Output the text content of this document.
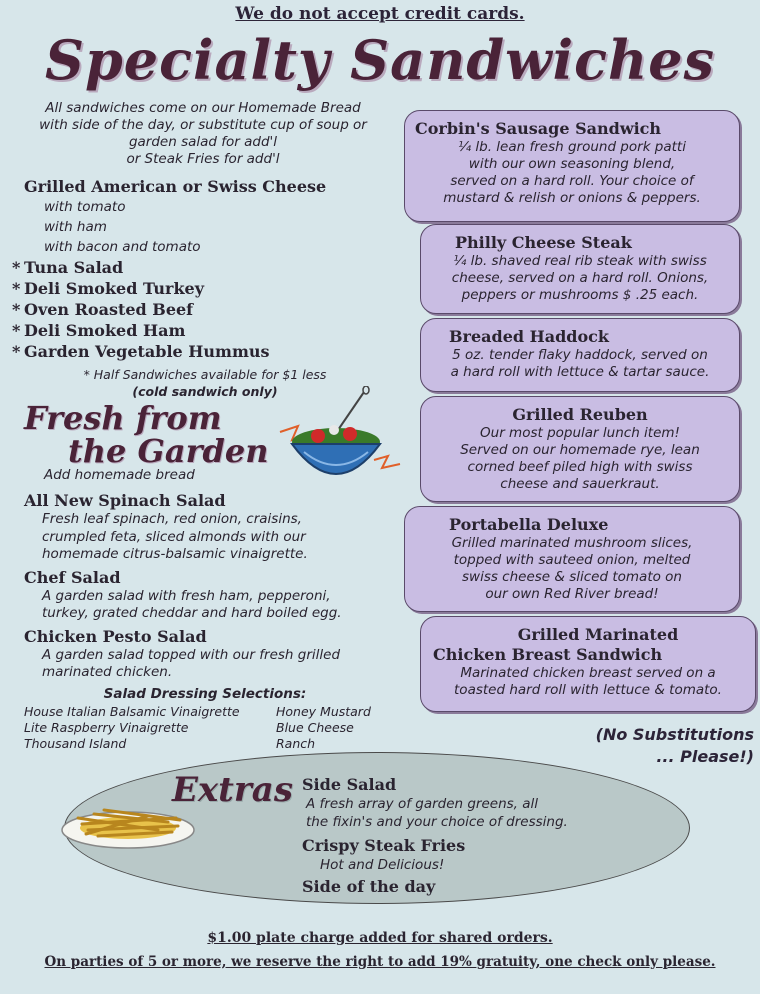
We do not accept credit cards.
Specialty Sandwiches
All sandwiches come on our Homemade Bread
with side of the day, or substitute cup of soup or
garden salad for add'l
or Steak Fries for add'l
Grilled American or Swiss Cheese
with tomato
with ham
with bacon and tomato
* Tuna Salad
* Deli Smoked Turkey
* Oven Roasted Beef
* Deli Smoked Ham
* Garden Vegetable Hummus
* Half Sandwiches available for $1 less
(cold sandwich only)
Fresh from
the Garden
Add homemade bread
All New Spinach Salad
Fresh leaf spinach, red onion, craisins,
crumpled feta, sliced almonds with our
homemade citrus-balsamic vinaigrette.
Chef Salad
A garden salad with fresh ham, pepperoni,
turkey, grated cheddar and hard boiled egg.
Chicken Pesto Salad
A garden salad topped with our fresh grilled
marinated chicken.
Salad Dressing Selections:
House Italian Balsamic Vinaigrette
Lite Raspberry Vinaigrette
Thousand Island
Honey Mustard
Blue Cheese
Ranch
Corbin's Sausage Sandwich
¼ lb. lean fresh ground pork patti
with our own seasoning blend,
served on a hard roll. Your choice of
mustard & relish or onions & peppers.
Philly Cheese Steak
¼ lb. shaved real rib steak with swiss
cheese, served on a hard roll. Onions,
peppers or mushrooms $ .25 each.
Breaded Haddock
5 oz. tender flaky haddock, served on
a hard roll with lettuce & tartar sauce.
Grilled Reuben
Our most popular lunch item!
Served on our homemade rye, lean
corned beef piled high with swiss
cheese and sauerkraut.
Portabella Deluxe
Grilled marinated mushroom slices,
topped with sauteed onion, melted
swiss cheese & sliced tomato on
our own Red River bread!
Grilled Marinated
Chicken Breast Sandwich
Marinated chicken breast served on a
toasted hard roll with lettuce & tomato.
(No Substitutions
... Please!)
Extras Side Salad
A fresh array of garden greens, all
the fixin's and your choice of dressing.
Crispy Steak Fries
Hot and Delicious!
Side of the day
$1.00 plate charge added for shared orders.
On parties of 5 or more, we reserve the right to add 19% gratuity, one check only please.
